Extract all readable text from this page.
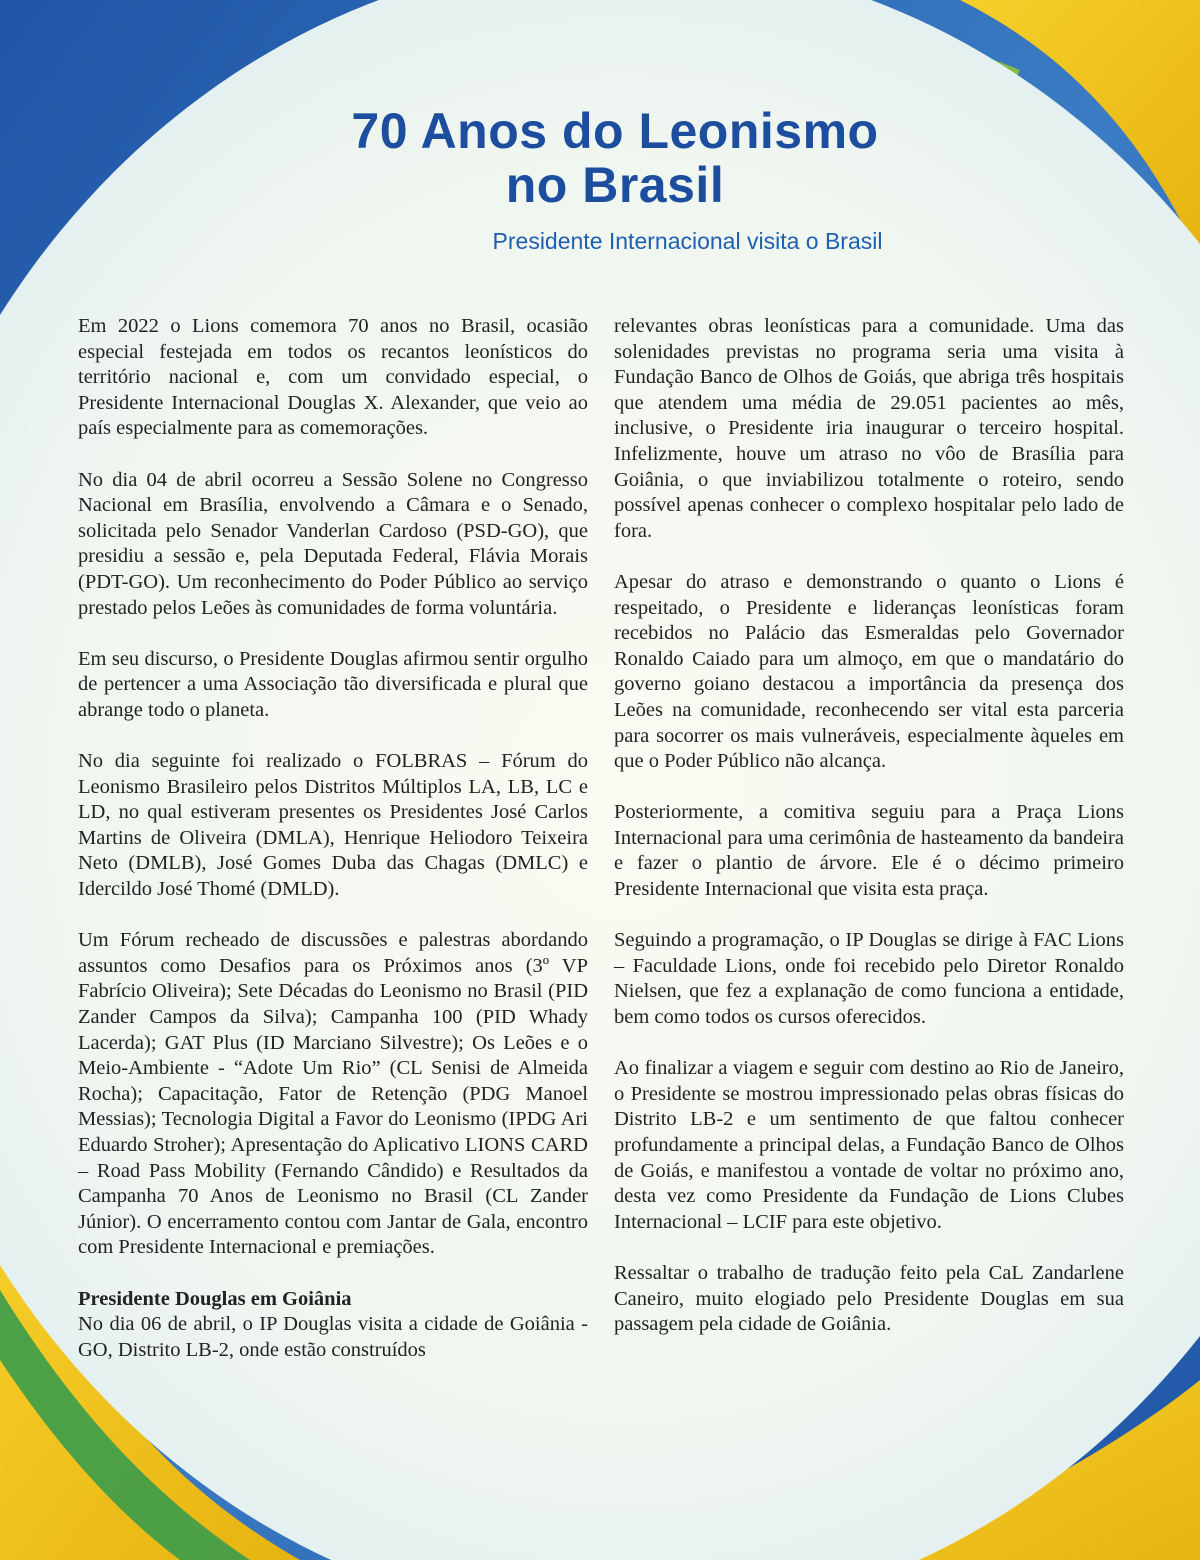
70 Anos do Leonismo
no Brasil
Presidente Internacional visita o Brasil

Em 2022 o Lions comemora 70 anos no Brasil, ocasião especial festejada em todos os recantos leonísticos do território nacional e, com um convidado especial, o Presidente Internacional Douglas X. Alexander, que veio ao país especialmente para as comemorações.

No dia 04 de abril ocorreu a Sessão Solene no Congresso Nacional em Brasília, envolvendo a Câmara e o Senado, solicitada pelo Senador Vanderlan Cardoso (PSD-GO), que presidiu a sessão e, pela Deputada Federal, Flávia Morais (PDT-GO). Um reconhecimento do Poder Público ao serviço prestado pelos Leões às comunidades de forma voluntária.

Em seu discurso, o Presidente Douglas afirmou sentir orgulho de pertencer a uma Associação tão diversificada e plural que abrange todo o planeta.

No dia seguinte foi realizado o FOLBRAS – Fórum do Leonismo Brasileiro pelos Distritos Múltiplos LA, LB, LC e LD, no qual estiveram presentes os Presidentes José Carlos Martins de Oliveira (DMLA), Henrique Heliodoro Teixeira Neto (DMLB), José Gomes Duba das Chagas (DMLC) e Idercildo José Thomé (DMLD).

Um Fórum recheado de discussões e palestras abordando assuntos como Desafios para os Próximos anos (3º VP Fabrício Oliveira); Sete Décadas do Leonismo no Brasil (PID Zander Campos da Silva); Campanha 100 (PID Whady Lacerda); GAT Plus (ID Marciano Silvestre); Os Leões e o Meio-Ambiente - “Adote Um Rio” (CL Senisi de Almeida Rocha); Capacitação, Fator de Retenção (PDG Manoel Messias); Tecnologia Digital a Favor do Leonismo (IPDG Ari Eduardo Stroher); Apresentação do Aplicativo LIONS CARD – Road Pass Mobility (Fernando Cândido) e Resultados da Campanha 70 Anos de Leonismo no Brasil (CL Zander Júnior). O encerramento contou com Jantar de Gala, encontro com Presidente Internacional e premiações.

Presidente Douglas em Goiânia

No dia 06 de abril, o IP Douglas visita a cidade de Goiânia - GO, Distrito LB-2, onde estão construídos

relevantes obras leonísticas para a comunidade. Uma das solenidades previstas no programa seria uma visita à Fundação Banco de Olhos de Goiás, que abriga três hospitais que atendem uma média de 29.051 pacientes ao mês, inclusive, o Presidente iria inaugurar o terceiro hospital. Infelizmente, houve um atraso no vôo de Brasília para Goiânia, o que inviabilizou totalmente o roteiro, sendo possível apenas conhecer o complexo hospitalar pelo lado de fora.

Apesar do atraso e demonstrando o quanto o Lions é respeitado, o Presidente e lideranças leonísticas foram recebidos no Palácio das Esmeraldas pelo Governador Ronaldo Caiado para um almoço, em que o mandatário do governo goiano destacou a importância da presença dos Leões na comunidade, reconhecendo ser vital esta parceria para socorrer os mais vulneráveis, especialmente àqueles em que o Poder Público não alcança.

Posteriormente, a comitiva seguiu para a Praça Lions Internacional para uma cerimônia de hasteamento da bandeira e fazer o plantio de árvore. Ele é o décimo primeiro Presidente Internacional que visita esta praça.

Seguindo a programação, o IP Douglas se dirige à FAC Lions – Faculdade Lions, onde foi recebido pelo Diretor Ronaldo Nielsen, que fez a explanação de como funciona a entidade, bem como todos os cursos oferecidos.

Ao finalizar a viagem e seguir com destino ao Rio de Janeiro, o Presidente se mostrou impressionado pelas obras físicas do Distrito LB-2 e um sentimento de que faltou conhecer profundamente a principal delas, a Fundação Banco de Olhos de Goiás, e manifestou a vontade de voltar no próximo ano, desta vez como Presidente da Fundação de Lions Clubes Internacional – LCIF para este objetivo.

Ressaltar o trabalho de tradução feito pela CaL Zandarlene Caneiro, muito elogiado pelo Presidente Douglas em sua passagem pela cidade de Goiânia.
